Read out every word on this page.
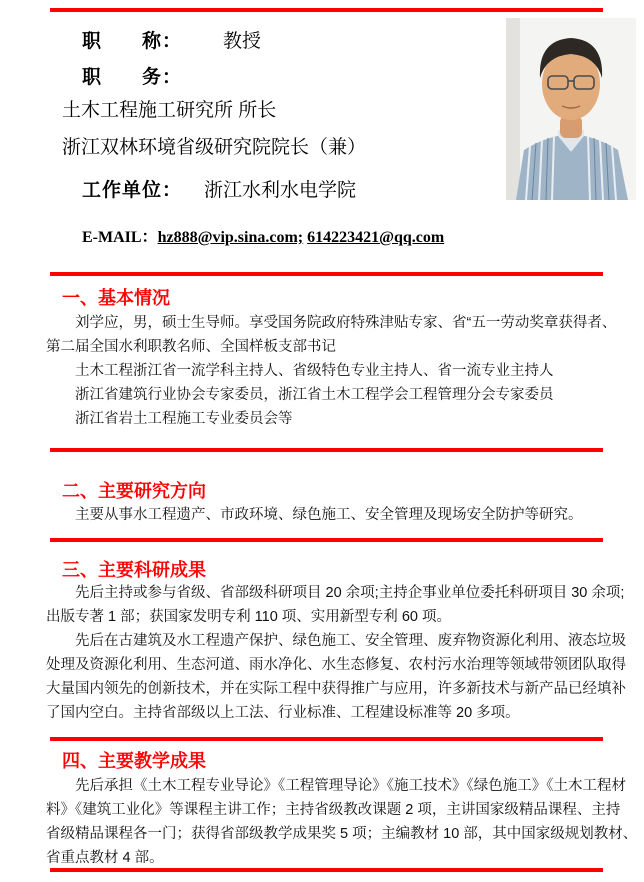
职　　称： 教授
职　　务：
土木工程施工研究所 所长
浙江双林环境省级研究院院长（兼）
工作单位： 浙江水利水电学院
E-MAIL：hz888@vip.sina.com; 614223421@qq.com
一、基本情况
刘学应，男，硕士生导师。享受国务院政府特殊津贴专家、省“五一劳动奖章获得者、
第二届全国水利职教名师、全国样板支部书记
土木工程浙江省一流学科主持人、省级特色专业主持人、省一流专业主持人
浙江省建筑行业协会专家委员，浙江省土木工程学会工程管理分会专家委员
浙江省岩土工程施工专业委员会等
二、主要研究方向
主要从事水工程遗产、市政环境、绿色施工、安全管理及现场安全防护等研究。
三、主要科研成果
先后主持或参与省级、省部级科研项目 20 余项;主持企事业单位委托科研项目 30 余项;
出版专著 1 部；获国家发明专利 110 项、实用新型专利 60 项。
先后在古建筑及水工程遗产保护、绿色施工、安全管理、废弃物资源化利用、液态垃圾
处理及资源化利用、生态河道、雨水净化、水生态修复、农村污水治理等领域带领团队取得
大量国内领先的创新技术，并在实际工程中获得推广与应用，许多新技术与新产品已经填补
了国内空白。主持省部级以上工法、行业标准、工程建设标准等 20 多项。
四、主要教学成果
先后承担《土木工程专业导论》《工程管理导论》《施工技术》《绿色施工》《土木工程材
料》《建筑工业化》等课程主讲工作；主持省级教改课题 2 项，主讲国家级精品课程、主持
省级精品课程各一门；获得省部级教学成果奖 5 项；主编教材 10 部，其中国家级规划教材、
省重点教材 4 部。
